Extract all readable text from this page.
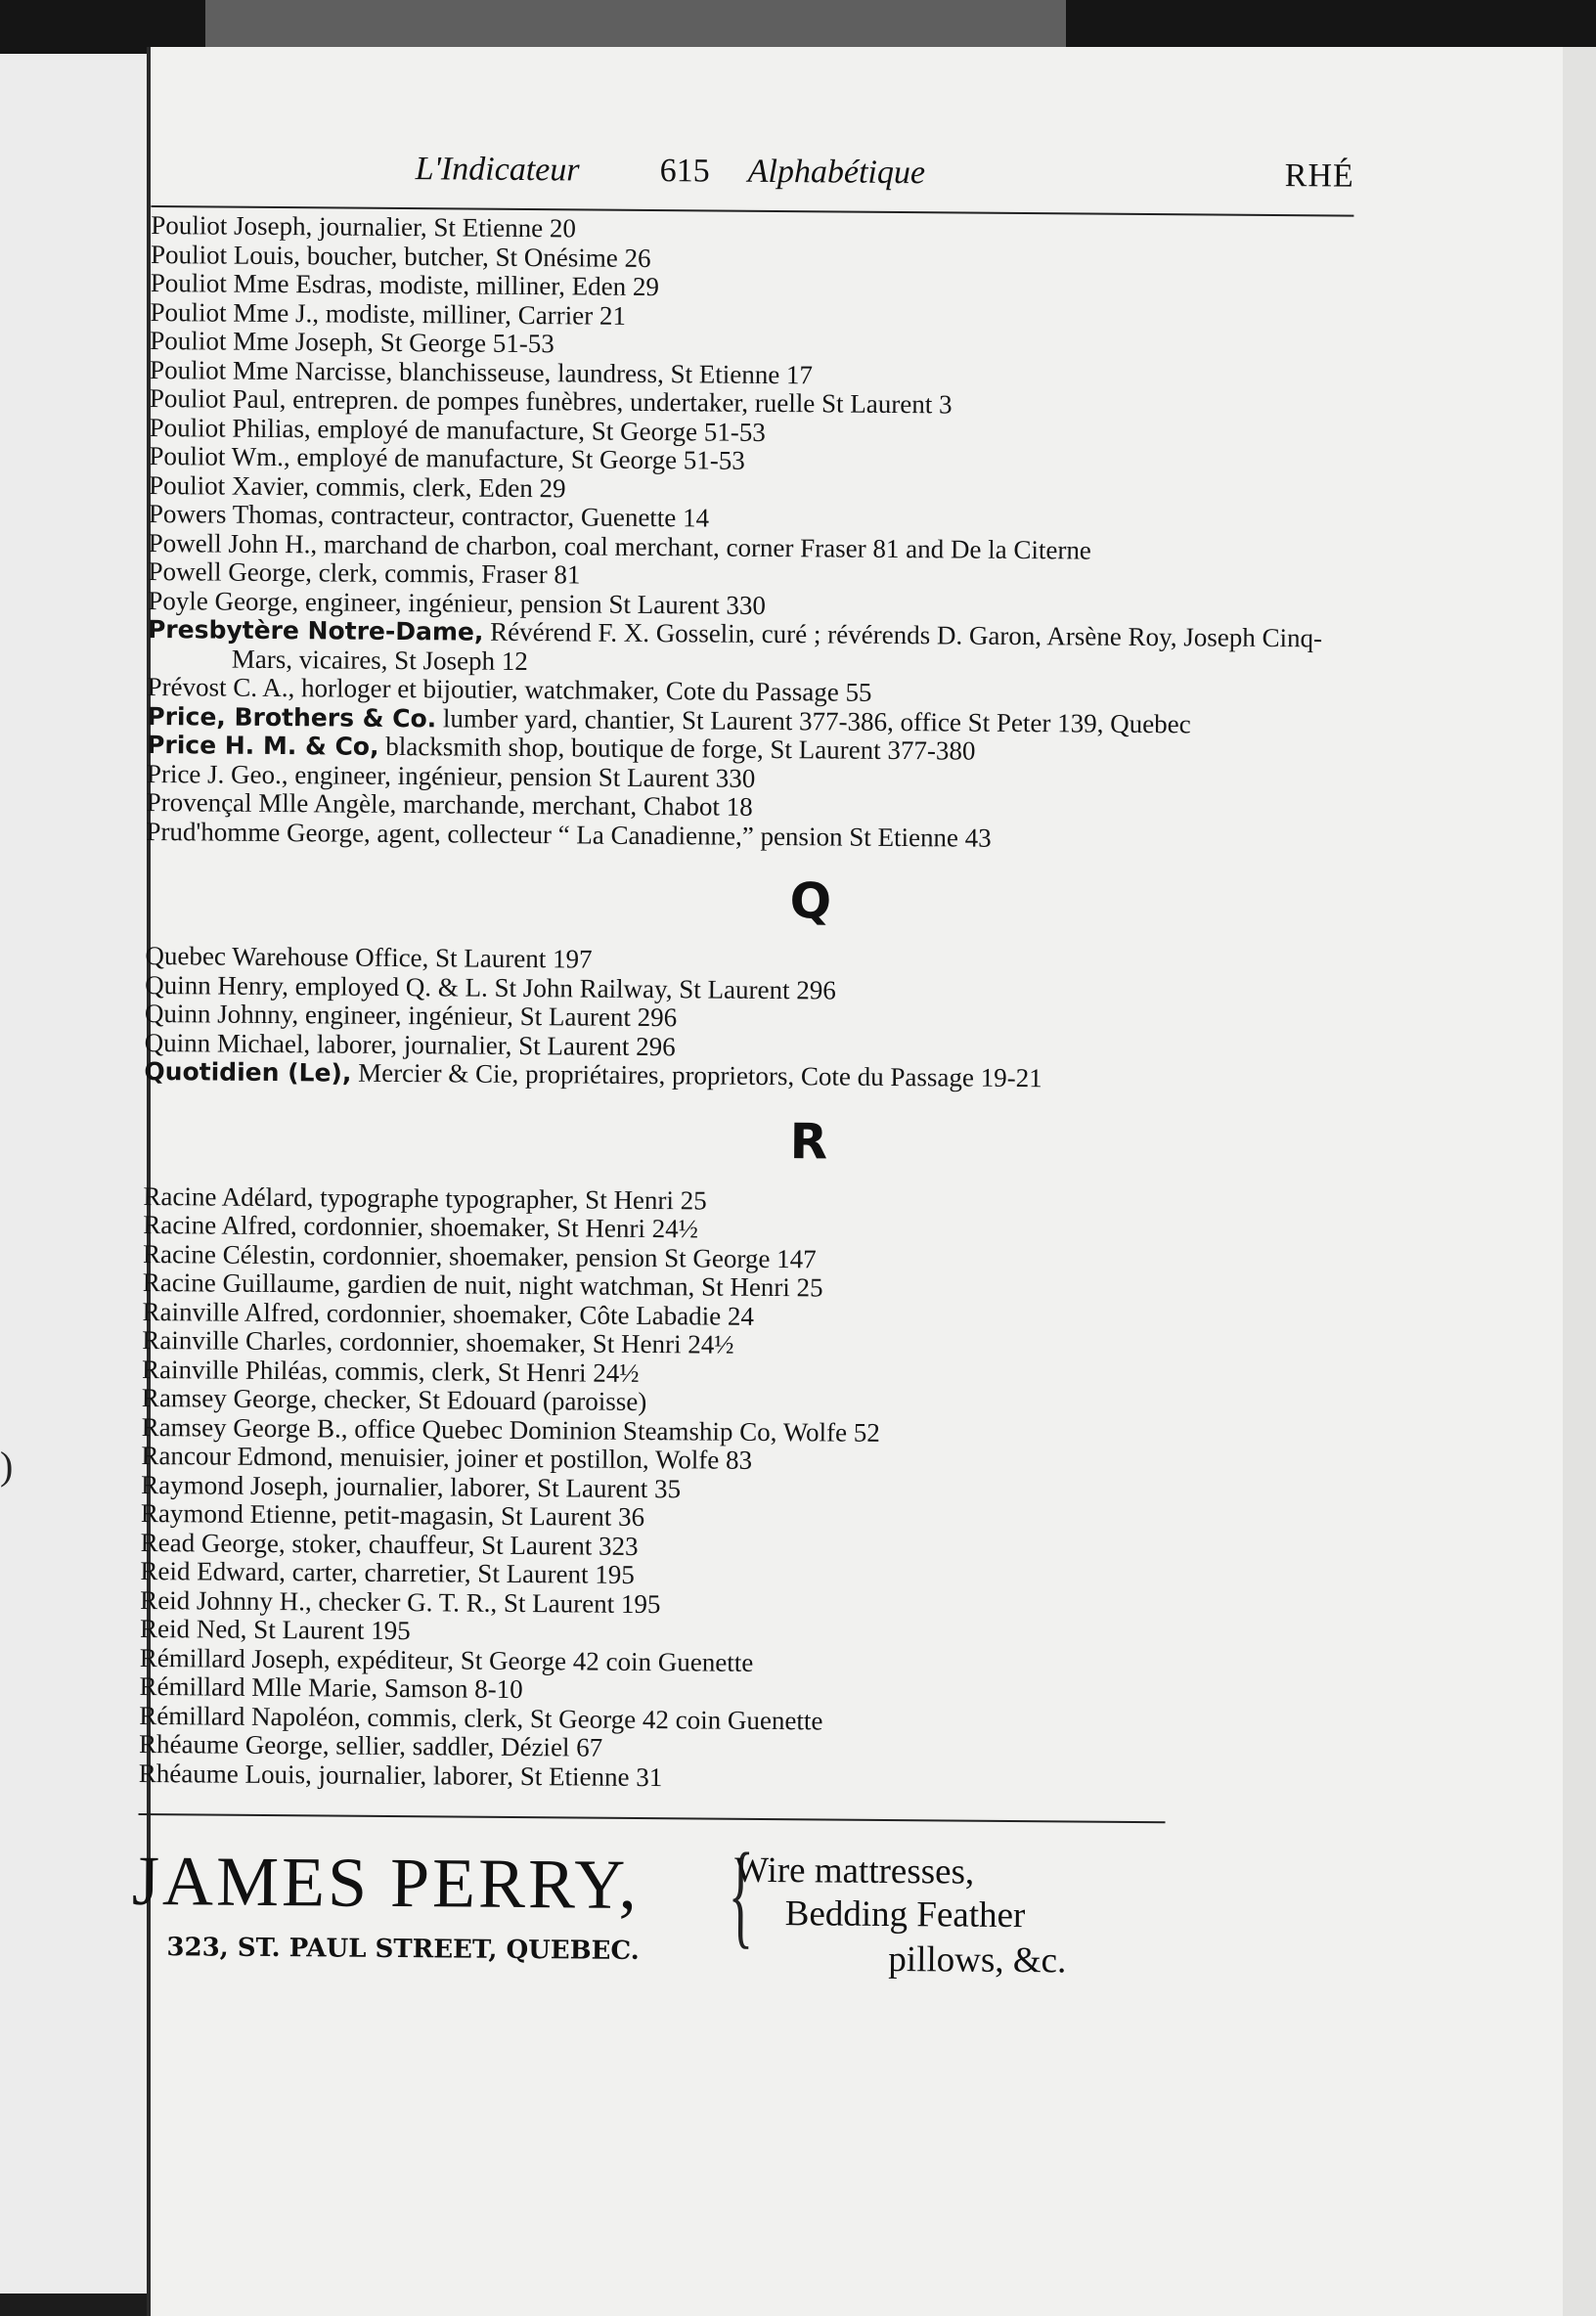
)
L'Indicateur 615 Alphabétique	RHÉ
Pouliot Joseph, journalier, St Etienne 20
Pouliot Louis, boucher, butcher, St Onésime 26
Pouliot Mme Esdras, modiste, milliner, Eden 29
Pouliot Mme J., modiste, milliner, Carrier 21
Pouliot Mme Joseph, St George 51-53
Pouliot Mme Narcisse, blanchisseuse, laundress, St Etienne 17
Pouliot Paul, entrepren. de pompes funèbres, undertaker, ruelle St Laurent 3
Pouliot Philias, employé de manufacture, St George 51-53
Pouliot Wm., employé de manufacture, St George 51-53
Pouliot Xavier, commis, clerk, Eden 29
Powers Thomas, contracteur, contractor, Guenette 14
Powell John H., marchand de charbon, coal merchant, corner Fraser 81 and De la Citerne
Powell George, clerk, commis, Fraser 81
Poyle George, engineer, ingénieur, pension St Laurent 330
Presbytère Notre-Dame, Révérend F. X. Gosselin, curé ; révérends D. Garon, Arsène Roy, Joseph Cinq-Mars, vicaires, St Joseph 12
Prévost C. A., horloger et bijoutier, watchmaker, Cote du Passage 55
Price, Brothers & Co. lumber yard, chantier, St Laurent 377-386, office St Peter 139, Quebec
Price H. M. & Co, blacksmith shop, boutique de forge, St Laurent 377-380
Price J. Geo., engineer, ingénieur, pension St Laurent 330
Provençal Mlle Angèle, marchande, merchant, Chabot 18
Prud'homme George, agent, collecteur “ La Canadienne,” pension St Etienne 43
Q
Quebec Warehouse Office, St Laurent 197
Quinn Henry, employed Q. & L. St John Railway, St Laurent 296
Quinn Johnny, engineer, ingénieur, St Laurent 296
Quinn Michael, laborer, journalier, St Laurent 296
Quotidien (Le), Mercier & Cie, propriétaires, proprietors, Cote du Passage 19-21
R
Racine Adélard, typographe typographer, St Henri 25
Racine Alfred, cordonnier, shoemaker, St Henri 24½
Racine Célestin, cordonnier, shoemaker, pension St George 147
Racine Guillaume, gardien de nuit, night watchman, St Henri 25
Rainville Alfred, cordonnier, shoemaker, Côte Labadie 24
Rainville Charles, cordonnier, shoemaker, St Henri 24½
Rainville Philéas, commis, clerk, St Henri 24½
Ramsey George, checker, St Edouard (paroisse)
Ramsey George B., office Quebec Dominion Steamship Co, Wolfe 52
Rancour Edmond, menuisier, joiner et postillon, Wolfe 83
Raymond Joseph, journalier, laborer, St Laurent 35
Raymond Etienne, petit-magasin, St Laurent 36
Read George, stoker, chauffeur, St Laurent 323
Reid Edward, carter, charretier, St Laurent 195
Reid Johnny H., checker G. T. R., St Laurent 195
Reid Ned, St Laurent 195
Rémillard Joseph, expéditeur, St George 42 coin Guenette
Rémillard Mlle Marie, Samson 8-10
Rémillard Napoléon, commis, clerk, St George 42 coin Guenette
Rhéaume George, sellier, saddler, Déziel 67
Rhéaume Louis, journalier, laborer, St Etienne 31
JAMES PERRY,
323, ST. PAUL STREET, QUEBEC. {
Wire mattresses,
Bedding Feather
pillows, &c.
